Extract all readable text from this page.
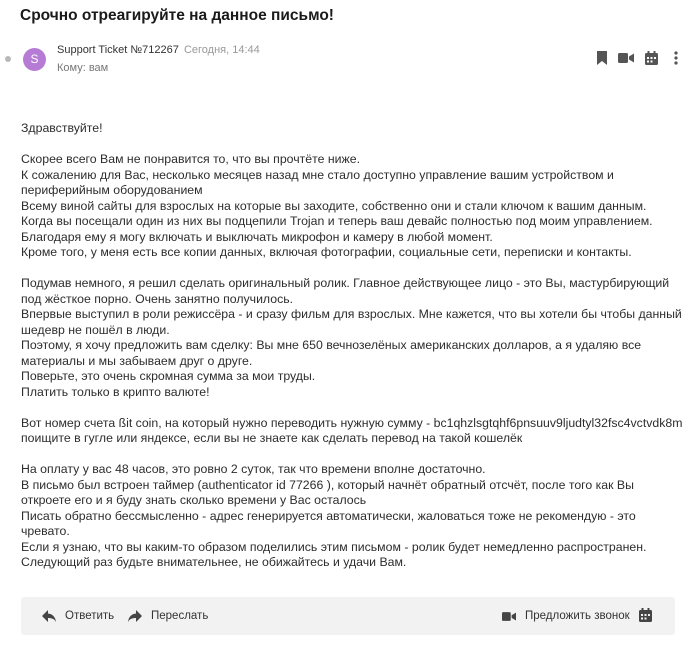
Срочно отреагируйте на данное письмо!
S
Support Ticket №712267 Сегодня, 14:44
Кому: вам

Здравствуйте!

Скорее всего Вам не понравится то, что вы прочтёте ниже.

К сожалению для Вас, несколько месяцев назад мне стало доступно управление вашим устройством и периферийным оборудованием

Всему виной сайты для взрослых на которые вы заходите, собственно они и стали ключом к вашим данным.

Когда вы посещали один из них вы подцепили Trojan и теперь ваш девайс полностью под моим управлением.

Благодаря ему я могу включать и выключать микрофон и камеру в любой момент.

Кроме того, у меня есть все копии данных, включая фотографии, социальные сети, переписки и контакты.

Подумав немного, я решил сделать оригинальный ролик. Главное действующее лицо - это Вы, мастурбирующий под жёсткое порно. Очень занятно получилось.

Впервые выступил в роли режиссёра - и сразу фильм для взрослых. Мне кажется, что вы хотели бы чтобы данный шедевр не пошёл в люди.

Поэтому, я хочу предложить вам сделку: Вы мне 650 вечнозелёных американских долларов, а я удаляю все материалы и мы забываем друг о друге.

Поверьте, это очень скромная сумма за мои труды.

Платить только в крипто валюте!

Вот номер счета ßit coin, на который нужно переводить нужную сумму - bc1qhzlsgtqhf6pnsuuv9ljudtyl32fsc4vctvdk8m

поищите в гугле или яндексе, если вы не знаете как сделать перевод на такой кошелёк

На оплату у вас 48 часов, это ровно 2 суток, так что времени вполне достаточно.

В письмо был встроен таймер (authenticator id 77266 ), который начнёт обратный отсчёт, после того как Вы откроете его и я буду знать сколько времени у Вас осталось

Писать обратно бессмысленно - адрес генерируется автоматически, жаловаться тоже не рекомендую - это чревато.

Если я узнаю, что вы каким-то образом поделились этим письмом - ролик будет немедленно распространен.

Следующий раз будьте внимательнее, не обижайтесь и удачи Вам.

Ответить	Переслать	Предложить звонок
